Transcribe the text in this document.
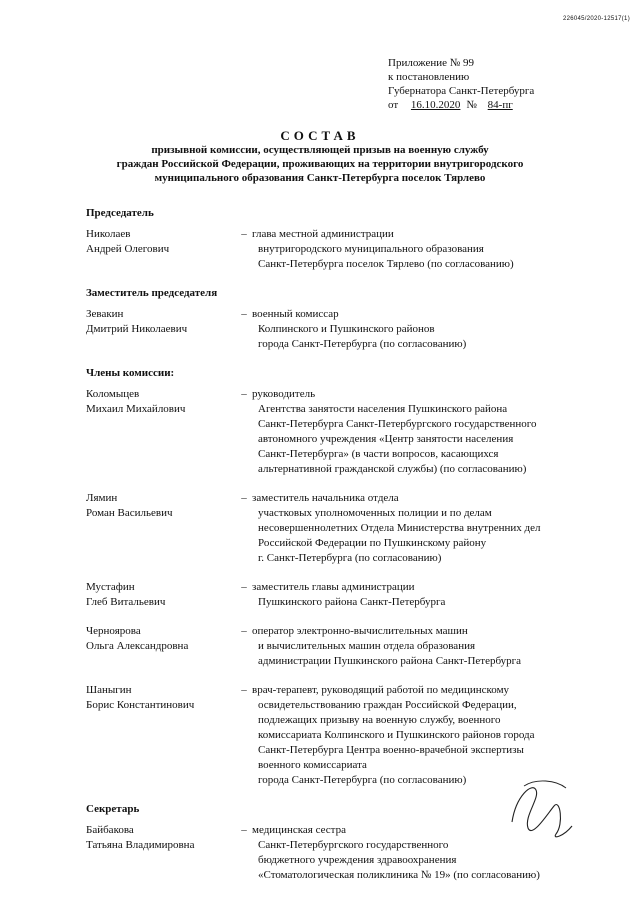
226045/2020-12517(1)
Приложение № 99
к постановлению
Губернатора Санкт-Петербурга
от 16.10.2020 № 84-пг
СОСТАВ
призывной комиссии, осуществляющей призыв на военную службу
граждан Российской Федерации, проживающих на территории внутригородского
муниципального образования Санкт-Петербурга поселок Тярлево
Председатель
Николаев
Андрей Олегович
– глава местной администрации
внутригородского муниципального образования
Санкт-Петербурга поселок Тярлево (по согласованию)
Заместитель председателя
Зевакин
Дмитрий Николаевич
– военный комиссар
Колпинского и Пушкинского районов
города Санкт-Петербурга (по согласованию)
Члены комиссии:
Коломыцев
Михаил Михайлович
– руководитель
Агентства занятости населения Пушкинского района
Санкт-Петербурга Санкт-Петербургского государственного
автономного учреждения «Центр занятости населения
Санкт-Петербурга» (в части вопросов, касающихся
альтернативной гражданской службы) (по согласованию)
Лямин
Роман Васильевич
– заместитель начальника отдела
участковых уполномоченных полиции и по делам
несовершеннолетних Отдела Министерства внутренних дел
Российской Федерации по Пушкинскому району
г. Санкт-Петербурга (по согласованию)
Мустафин
Глеб Витальевич
– заместитель главы администрации
Пушкинского района Санкт-Петербурга
Черноярова
Ольга Александровна
– оператор электронно-вычислительных машин
и вычислительных машин отдела образования
администрации Пушкинского района Санкт-Петербурга
Шаныгин
Борис Константинович
– врач-терапевт, руководящий работой по медицинскому
освидетельствованию граждан Российской Федерации,
подлежащих призыву на военную службу, военного
комиссариата Колпинского и Пушкинского районов города
Санкт-Петербурга Центра военно-врачебной экспертизы
военного комиссариата
города Санкт-Петербурга (по согласованию)
Секретарь
Байбакова
Татьяна Владимировна
– медицинская сестра
Санкт-Петербургского государственного
бюджетного учреждения здравоохранения
«Стоматологическая поликлиника № 19» (по согласованию)
